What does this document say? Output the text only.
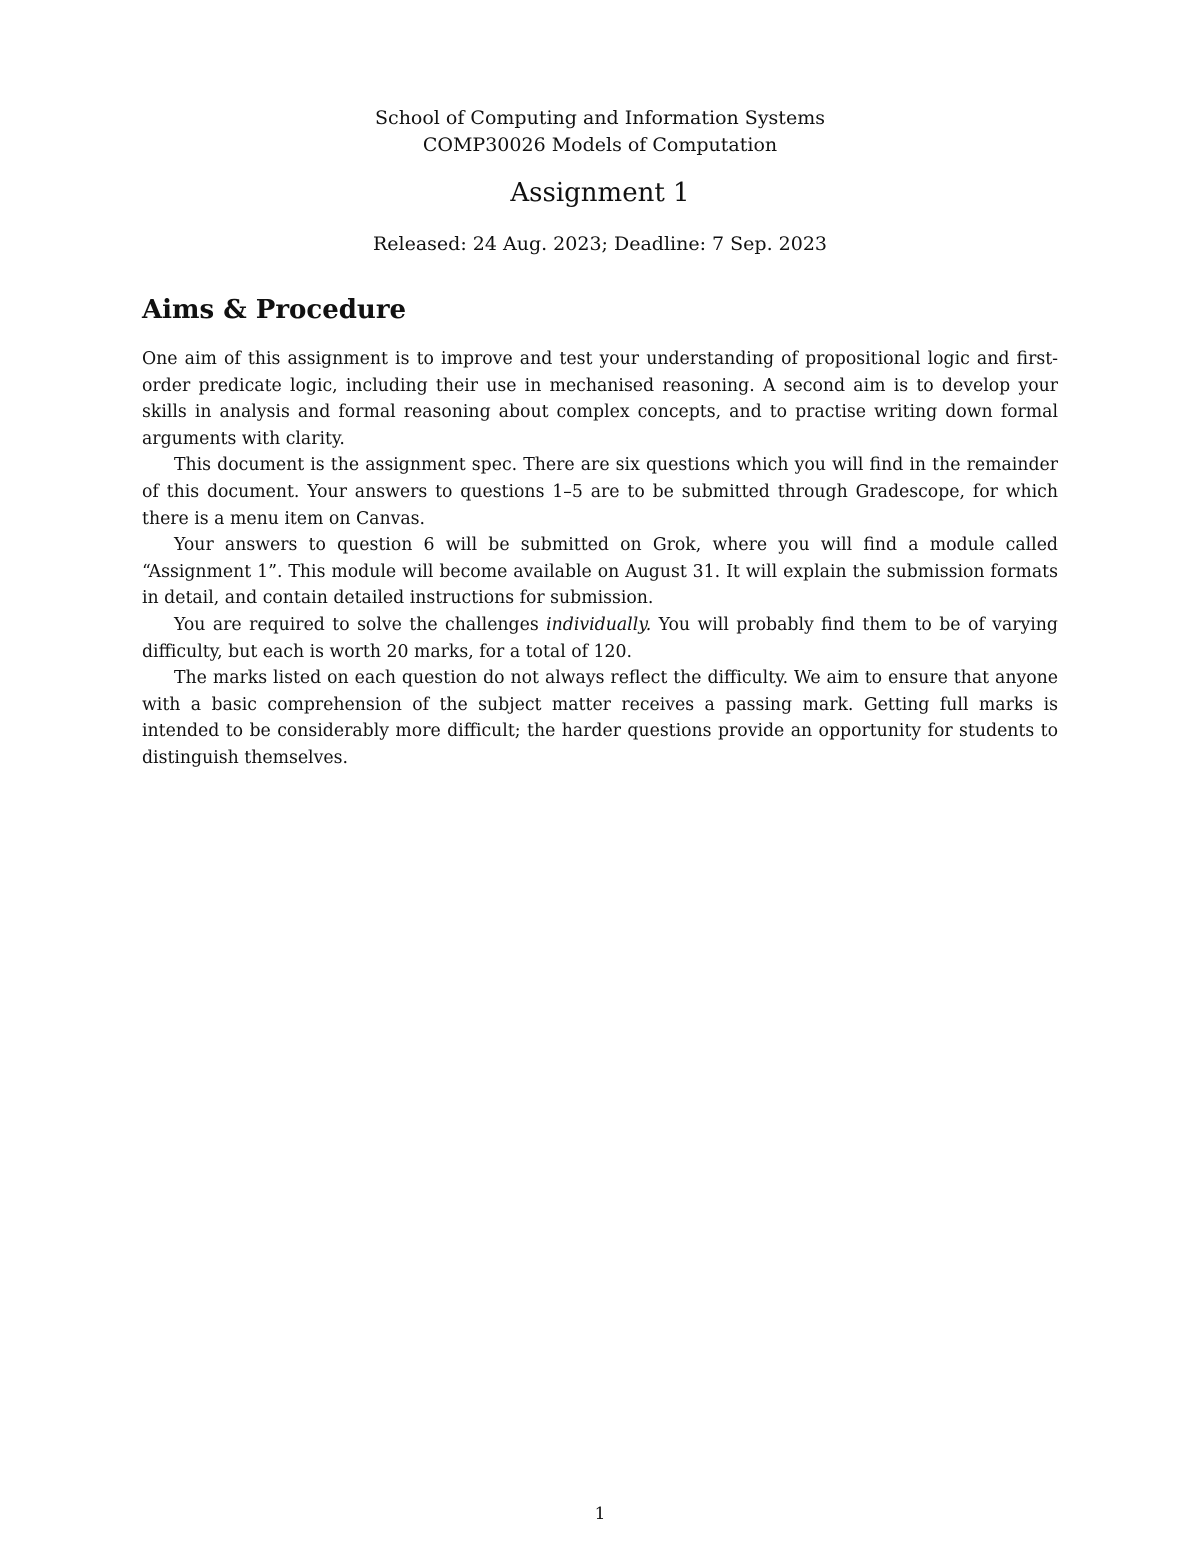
School of Computing and Information Systems
COMP30026 Models of Computation
Assignment 1
Released: 24 Aug. 2023; Deadline: 7 Sep. 2023
Aims & Procedure

One aim of this assignment is to improve and test your understanding of propositional logic and first-order predicate logic, including their use in mechanised reasoning. A second aim is to develop your skills in analysis and formal reasoning about complex concepts, and to practise writing down formal arguments with clarity.

This document is the assignment spec. There are six questions which you will find in the remainder of this document. Your answers to questions 1–5 are to be submitted through Gradescope, for which there is a menu item on Canvas.

Your answers to question 6 will be submitted on Grok, where you will find a module called “Assignment 1”. This module will become available on August 31. It will explain the submission formats in detail, and contain detailed instructions for submission.

You are required to solve the challenges individually. You will probably find them to be of varying difficulty, but each is worth 20 marks, for a total of 120.

The marks listed on each question do not always reflect the difficulty. We aim to ensure that anyone with a basic comprehension of the subject matter receives a passing mark. Getting full marks is intended to be considerably more difficult; the harder questions provide an opportunity for students to distinguish themselves.

1
